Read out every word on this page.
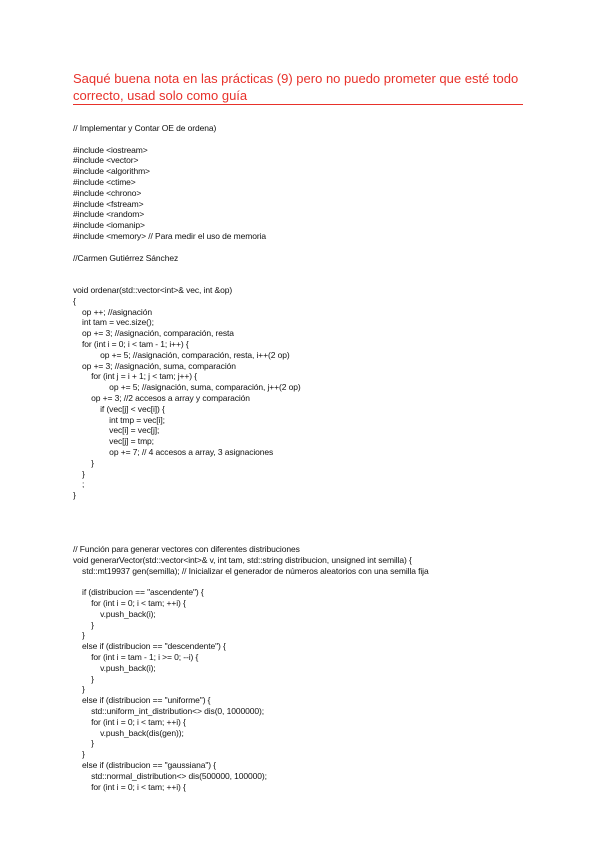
Saqué buena nota en las prácticas (9) pero no puedo prometer que esté todo correcto, usad solo como guía
// Implementar y Contar OE de ordena)
#include <iostream>
#include <vector>
#include <algorithm>
#include <ctime>
#include <chrono>
#include <fstream>
#include <random>
#include <iomanip>
#include <memory> // Para medir el uso de memoria
//Carmen Gutiérrez Sánchez
void ordenar(std::vector<int>& vec, int &op)
{
op ++; //asignación
int tam = vec.size();
op += 3; //asignación, comparación, resta
for (int i = 0; i < tam - 1; i++) {
op += 5; //asignación, comparación, resta, i++(2 op)
op += 3; //asignación, suma, comparación
for (int j = i + 1; j < tam; j++) {
op += 5; //asignación, suma, comparación, j++(2 op)
op += 3; //2 accesos a array y comparación
if (vec[j] < vec[i]) {
int tmp = vec[i];
vec[i] = vec[j];
vec[j] = tmp;
op += 7; // 4 accesos a array, 3 asignaciones
}
}
;
}
// Función para generar vectores con diferentes distribuciones
void generarVector(std::vector<int>& v, int tam, std::string distribucion, unsigned int semilla) {
std::mt19937 gen(semilla); // Inicializar el generador de números aleatorios con una semilla fija
if (distribucion == "ascendente") {
for (int i = 0; i < tam; ++i) {
v.push_back(i);
}
}
else if (distribucion == "descendente") {
for (int i = tam - 1; i >= 0; --i) {
v.push_back(i);
}
}
else if (distribucion == "uniforme") {
std::uniform_int_distribution<> dis(0, 1000000);
for (int i = 0; i < tam; ++i) {
v.push_back(dis(gen));
}
}
else if (distribucion == "gaussiana") {
std::normal_distribution<> dis(500000, 100000);
for (int i = 0; i < tam; ++i) {
